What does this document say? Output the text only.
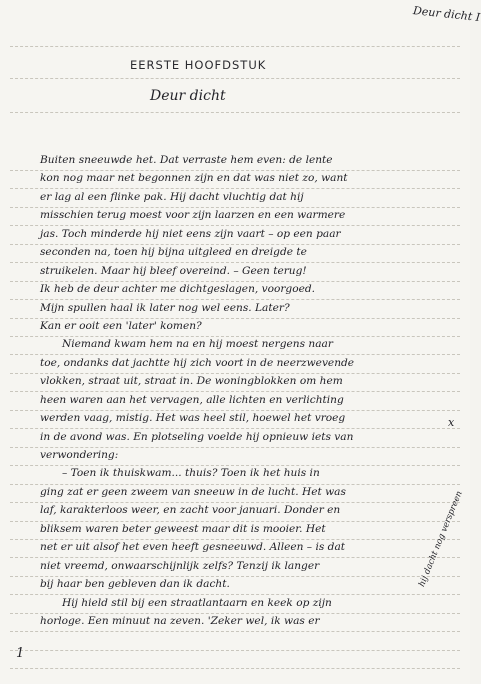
Deur dicht I
EERSTE HOOFDSTUK
Deur dicht
Buiten sneeuwde het. Dat verraste hem even: de lente
kon nog maar net begonnen zijn en dat was niet zo, want
er lag al een flinke pak. Hij dacht vluchtig dat hij
misschien terug moest voor zijn laarzen en een warmere
jas. Toch minderde hij niet eens zijn vaart – op een paar
seconden na, toen hij bijna uitgleed en dreigde te
struikelen. Maar hij bleef overeind. – Geen terug!
Ik heb de deur achter me dichtgeslagen, voorgoed.
Mijn spullen haal ik later nog wel eens. Later?
Kan er ooit een 'later' komen?
Niemand kwam hem na en hij moest nergens naar
toe, ondanks dat jachtte hij zich voort in de neerzwevende
vlokken, straat uit, straat in. De woningblokken om hem
heen waren aan het vervagen, alle lichten en verlichting
werden vaag, mistig. Het was heel stil, hoewel het vroeg
in de avond was. En plotseling voelde hij opnieuw iets van
verwondering:
– Toen ik thuiskwam... thuis? Toen ik het huis in
ging zat er geen zweem van sneeuw in de lucht. Het was
laf, karakterloos weer, en zacht voor januari. Donder en
bliksem waren beter geweest maar dit is mooier. Het
net er uit alsof het even heeft gesneeuwd. Alleen – is dat
niet vreemd, onwaarschijnlijk zelfs? Tenzij ik langer
bij haar ben gebleven dan ik dacht.
Hij hield stil bij een straatlantaarn en keek op zijn
horloge. Een minuut na zeven. 'Zeker wel, ik was er
x
hij dacht nog verspreen
1
